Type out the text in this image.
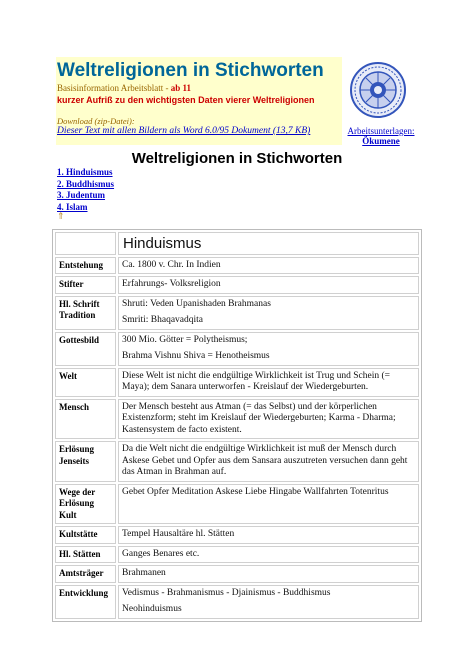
Weltreligionen in Stichworten
Basisinformation Arbeitsblatt - ab 11
kurzer Aufriß zu den wichtigsten Daten vierer Weltreligionen
Download (zip-Datei):
Dieser Text mit allen Bildern als Word 6.0/95 Dokument (13,7 KB)	Arbeitsunterlagen:
Ökumene
Weltreligionen in Stichworten
1. Hinduismus
2. Buddhismus
3. Judentum
4. Islam
⇑
	Hinduismus
Entstehung	Ca. 1800 v. Chr. In Indien

Stifter	Erfahrungs- Volksreligion

Hl. Schrift Tradition	Shruti: Veden Upanishaden Brahmanas

Smriti: Bhaqavadqita

Gottesbild	300 Mio. Götter = Polytheismus;

Brahma Vishnu Shiva = Henotheismus

Welt	Diese Welt ist nicht die endgültige Wirklichkeit ist Trug und Schein (= Maya); dem Sanara unterworfen - Kreislauf der Wiedergeburten.

Mensch	Der Mensch besteht aus Atman (= das Selbst) und der körperlichen Existenzform; steht im Kreislauf der Wiedergeburten; Karma - Dharma; Kastensystem de facto existent.

Erlösung Jenseits	Da die Welt nicht die endgültige Wirklichkeit ist muß der Mensch durch Askese Gebet und Opfer aus dem Sansara auszutreten versuchen dann geht das Atman in Brahman auf.

Wege der Erlösung Kult	Gebet Opfer Meditation Askese Liebe Hingabe Wallfahrten Totenritus

Kultstätte	Tempel Hausaltäre hl. Stätten

Hl. Stätten	Ganges Benares etc.

Amtsträger	Brahmanen

Entwicklung	Vedismus - Brahmanismus - Djainismus - Buddhismus

Neohinduismus
